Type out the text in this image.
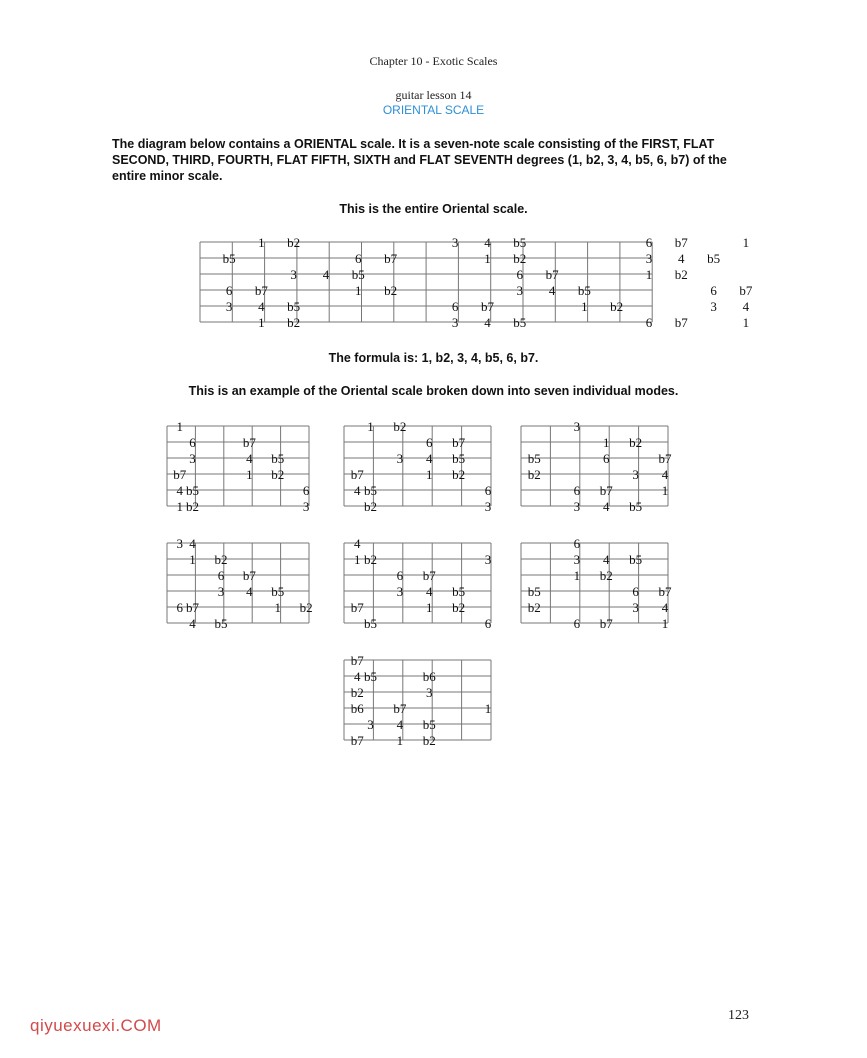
Chapter 10 - Exotic Scales
guitar lesson 14
ORIENTAL SCALE

The diagram below contains a ORIENTAL scale. It is a seven-note scale consisting of the FIRST, FLAT SECOND, THIRD, FOURTH, FLAT FIFTH, SIXTH and FLAT SEVENTH degrees (1, b2, 3, 4, b5, 6, b7) of the entire minor scale.

This is the entire Oriental scale.
The formula is: 1, b2, 3, 4, b5, 6, b7.
This is an example of the Oriental scale broken down into seven individual modes.
1 b2	3 4 b5	6 b7	1
b5	6 b7	1 b2	3 4 b5
3 4 b5	6 b7	1 b2
6 b7	1 b2	3 4 b5	6 b7
3 4 b5	6 b7	1 b2	3 4
1 b2	3 4 b5	6 b7	1
1
6	b7
3	4 b5
b7	1 b2
4 b5	6
1 b2	3
1 b2
6 b7
3 4 b5
b7	1 b2
4 b5	6
b2	3
3
1 b2
b5	6	b7
b2	3 4
6 b7	1
3 4 b5
3 4
1 b2
6 b7
3 4 b5
6 b7	1 b2
4 b5
4
1 b2	3
6 b7
3 4 b5
b7	1 b2
b5	6
6
3 4 b5
1 b2
b5	6 b7
b2	3 4
6 b7	1
b7
4 b5	b6
b2	3
b6 b7	1
3 4 b5
b7	1 b2
123
qiyuexuexi.COM
